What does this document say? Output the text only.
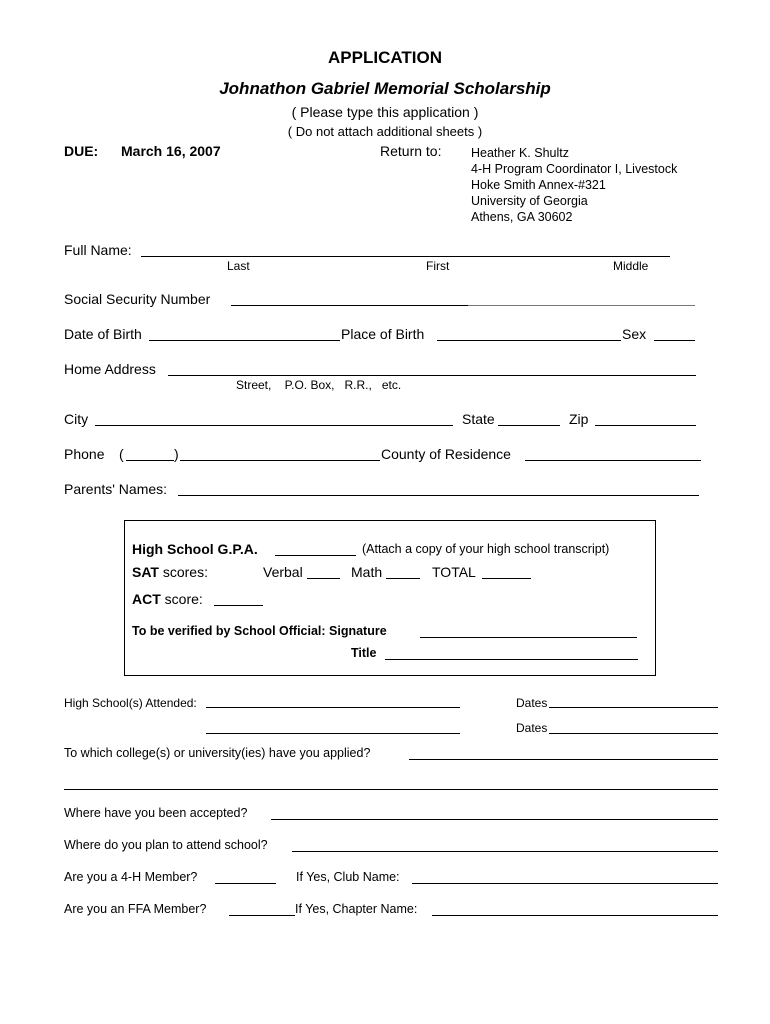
APPLICATION
Johnathon Gabriel Memorial Scholarship
( Please type this application )
( Do not attach additional sheets )
DUE: March 16, 2007	Return to: Heather K. Shultz
4-H Program Coordinator I, Livestock
Hoke Smith Annex-#321
University of Georgia
Athens, GA 30602
Full Name:
Last	First	Middle
Social Security Number
Date of Birth	Place of Birth	Sex
Home Address
Street,    P.O. Box,   R.R.,   etc.
City	State	Zip
Phone (	)	County of Residence
Parents' Names:
High School G.P.A.	(Attach a copy of your high school transcript)
SAT scores:	Verbal	Math	TOTAL
ACT score:
To be verified by School Official: Signature
Title
High School(s) Attended:	Dates
Dates
To which college(s) or university(ies) have you applied?
Where have you been accepted?
Where do you plan to attend school?
Are you a 4-H Member?	If Yes, Club Name:
Are you an FFA Member?	If Yes, Chapter Name:
